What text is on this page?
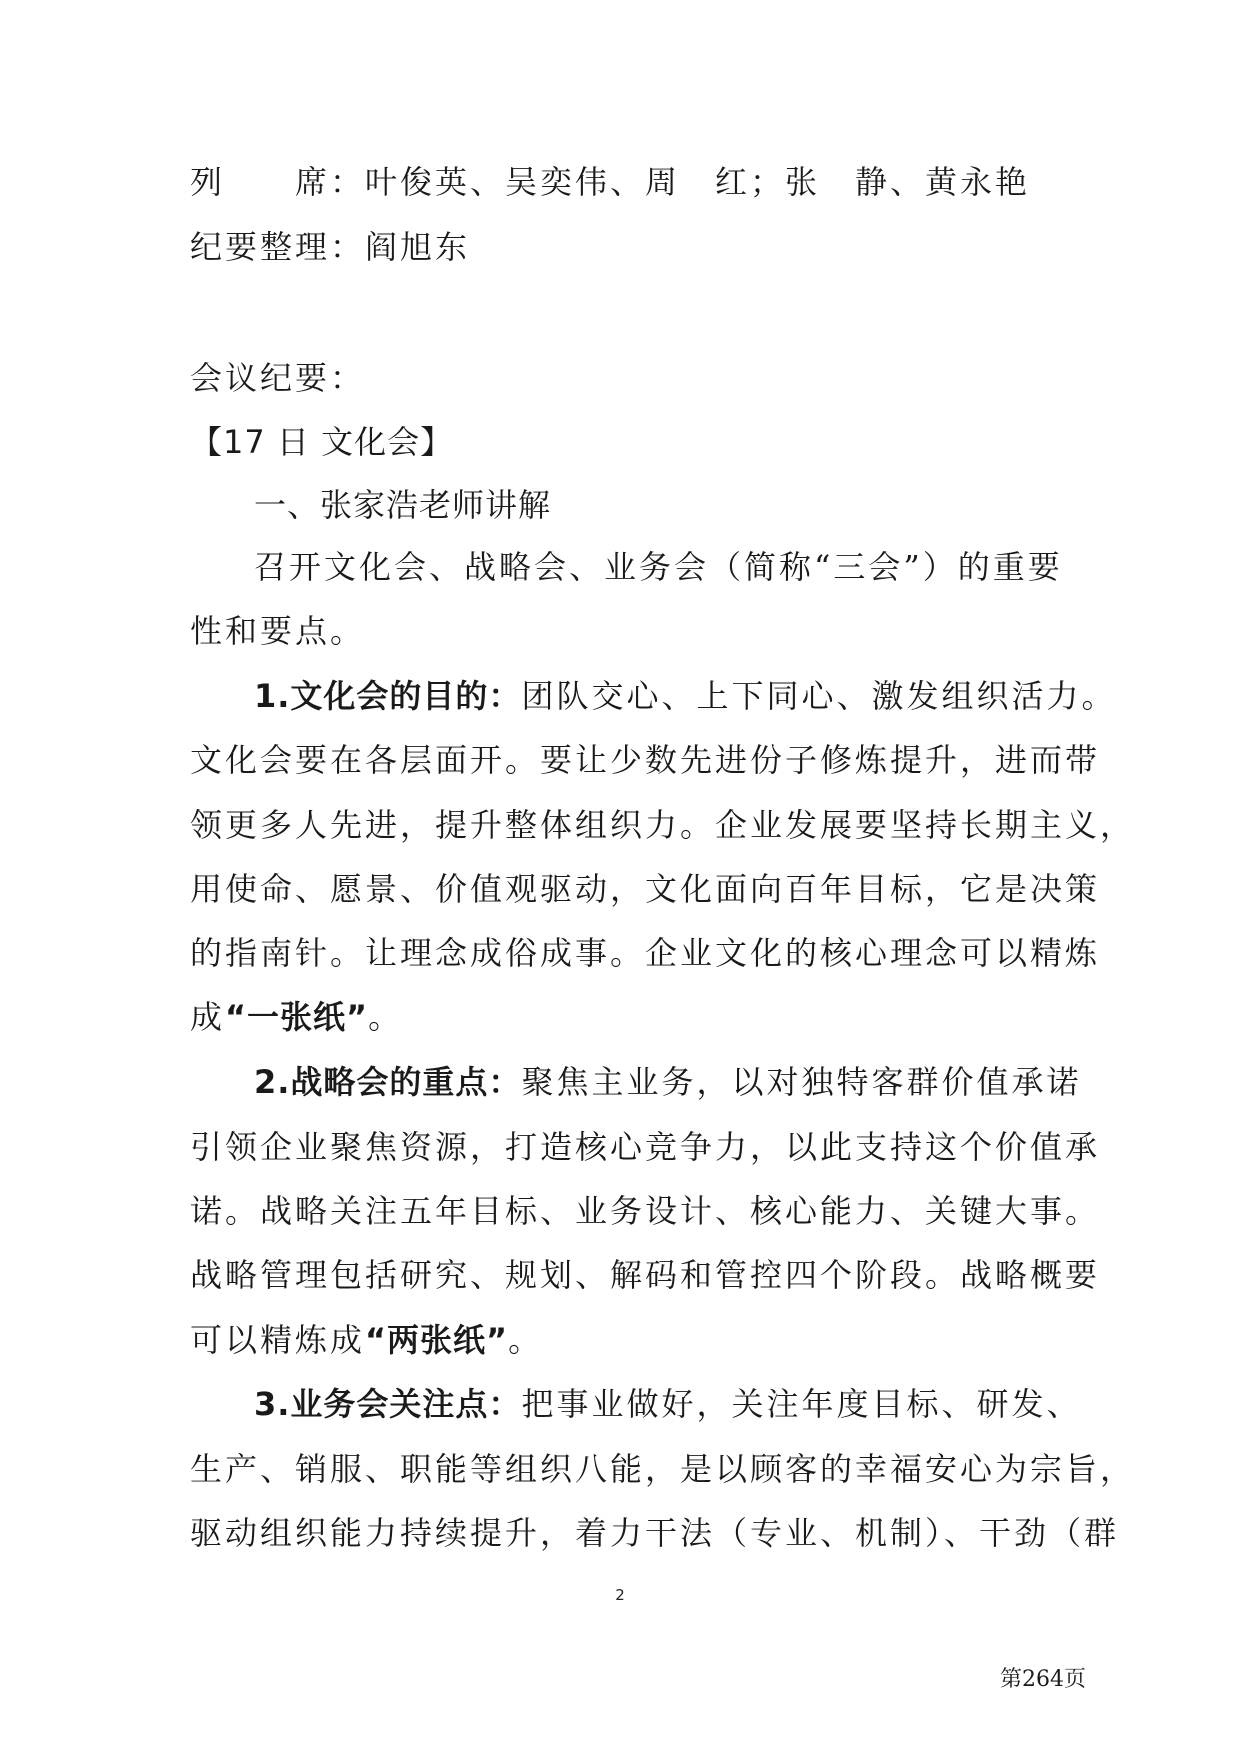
列　　席：叶俊英、吴奕伟、周　红；张　静、黄永艳
纪要整理：阎旭东
会议纪要：
【17 日 文化会】
一、张家浩老师讲解
召开文化会、战略会、业务会（简称“三会”）的重要
性和要点。
1.文化会的目的：团队交心、上下同心、激发组织活力。
文化会要在各层面开。要让少数先进份子修炼提升，进而带
领更多人先进，提升整体组织力。企业发展要坚持长期主义，
用使命、愿景、价值观驱动，文化面向百年目标，它是决策
的指南针。让理念成俗成事。企业文化的核心理念可以精炼
成“一张纸”。
2.战略会的重点：聚焦主业务，以对独特客群价值承诺
引领企业聚焦资源，打造核心竞争力，以此支持这个价值承
诺。战略关注五年目标、业务设计、核心能力、关键大事。
战略管理包括研究、规划、解码和管控四个阶段。战略概要
可以精炼成“两张纸”。
3.业务会关注点：把事业做好，关注年度目标、研发、
生产、销服、职能等组织八能，是以顾客的幸福安心为宗旨，
驱动组织能力持续提升，着力干法（专业、机制）、干劲（群
2
第264页
